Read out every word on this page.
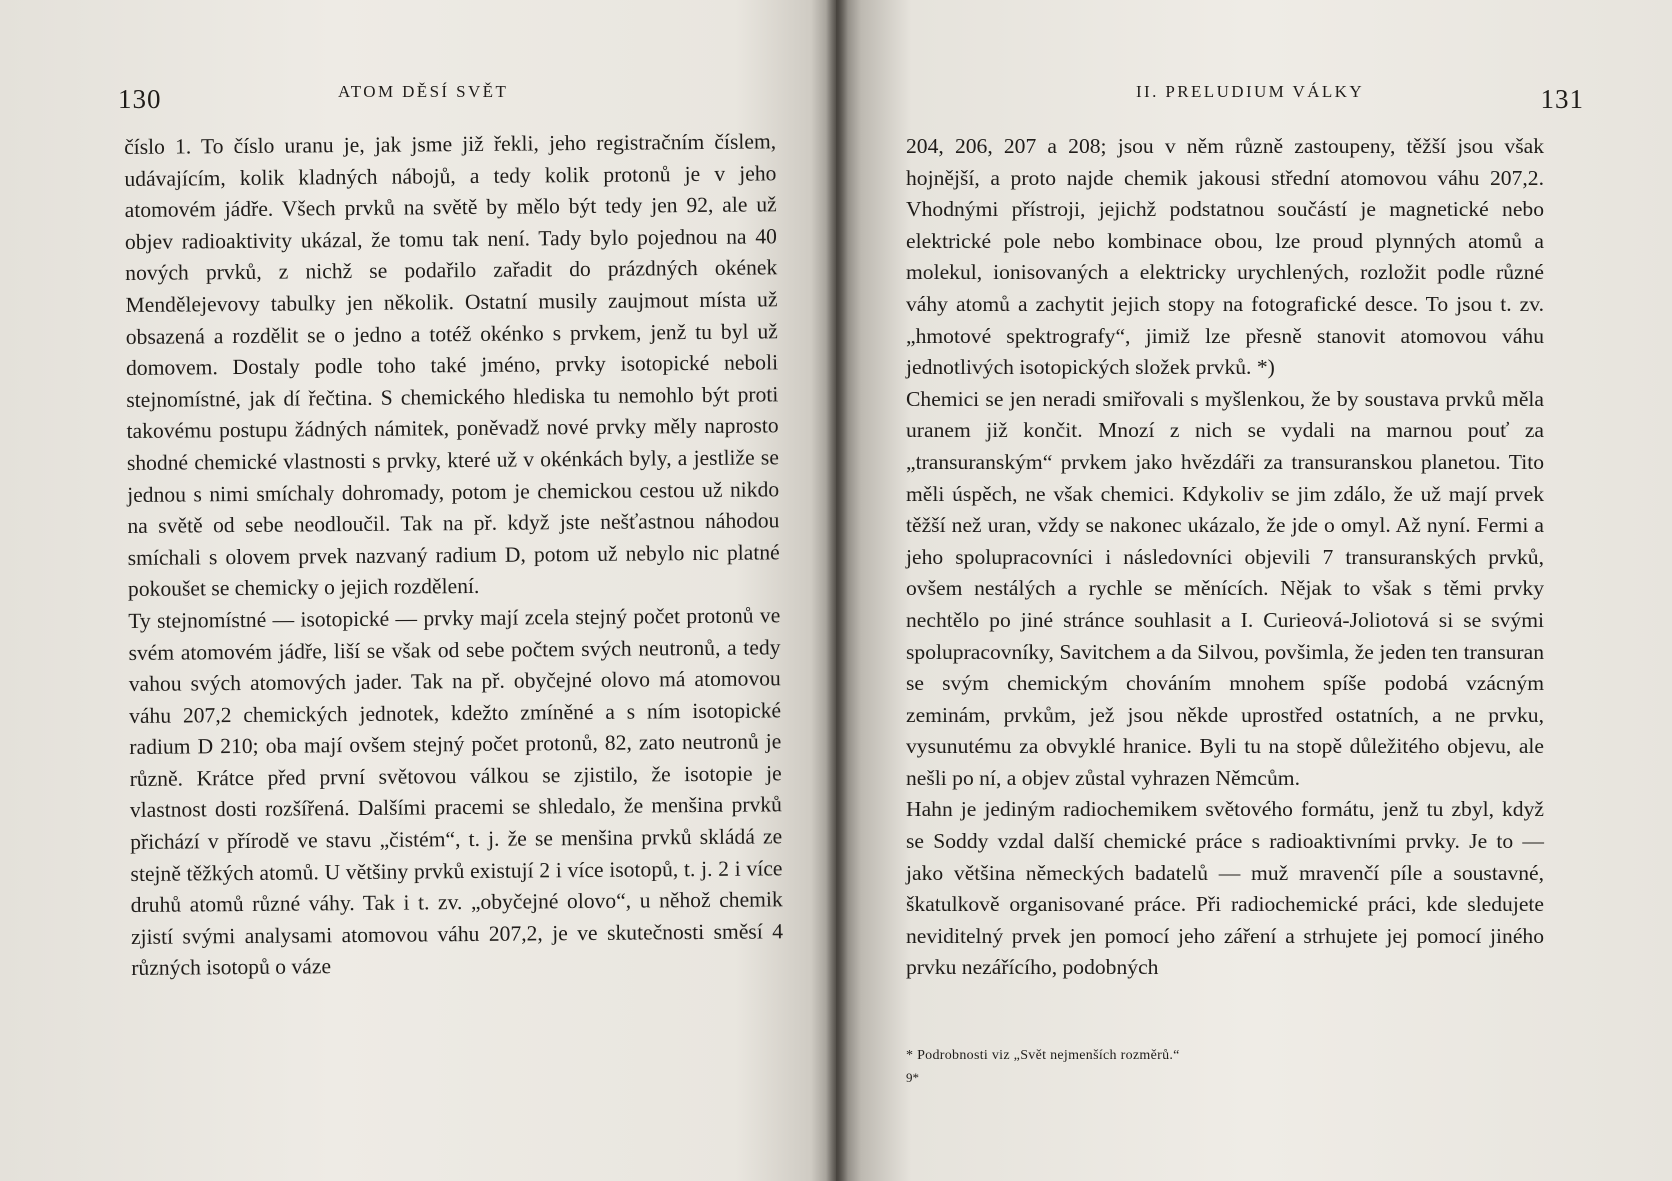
130	ATOM DĚSÍ SVĚT

číslo 1. To číslo uranu je, jak jsme již řekli, jeho registračním číslem, udávajícím, kolik kladných nábojů, a tedy kolik protonů je v jeho atomovém jádře. Všech prvků na světě by mělo být tedy jen 92, ale už objev radioaktivity ukázal, že tomu tak není. Tady bylo pojednou na 40 nových prvků, z nichž se podařilo zařadit do prázdných okének Mendělejevovy tabulky jen několik. Ostatní musily zaujmout místa už obsazená a rozdělit se o jedno a totéž okénko s prvkem, jenž tu byl už domovem. Dostaly podle toho také jméno, prvky isotopické neboli stejnomístné, jak dí řečtina. S chemického hlediska tu nemohlo být proti takovému postupu žádných námitek, poněvadž nové prvky měly naprosto shodné chemické vlastnosti s prvky, které už v okénkách byly, a jestliže se jednou s nimi smíchaly dohromady, potom je chemickou cestou už nikdo na světě od sebe neodloučil. Tak na př. když jste nešťastnou náhodou smíchali s olovem prvek nazvaný radium D, potom už nebylo nic platné pokoušet se chemicky o jejich rozdělení.

Ty stejnomístné — isotopické — prvky mají zcela stejný počet protonů ve svém atomovém jádře, liší se však od sebe počtem svých neutronů, a tedy vahou svých atomových jader. Tak na př. obyčejné olovo má atomovou váhu 207,2 chemických jednotek, kdežto zmíněné a s ním isotopické radium D 210; oba mají ovšem stejný počet protonů, 82, zato neutronů je různě. Krátce před první světovou válkou se zjistilo, že isotopie je vlastnost dosti rozšířená. Dalšími pracemi se shledalo, že menšina prvků přichází v přírodě ve stavu „čistém“, t. j. že se menšina prvků skládá ze stejně těžkých atomů. U většiny prvků existují 2 i více isotopů, t. j. 2 i více druhů atomů různé váhy. Tak i t. zv. „obyčejné olovo“, u něhož chemik zjistí svými analysami atomovou váhu 207,2, je ve skutečnosti směsí 4 různých isotopů o váze

II. PRELUDIUM VÁLKY	131

204, 206, 207 a 208; jsou v něm různě zastoupeny, těžší jsou však hojnější, a proto najde chemik jakousi střední atomovou váhu 207,2. Vhodnými přístroji, jejichž podstatnou součástí je magnetické nebo elektrické pole nebo kombinace obou, lze proud plynných atomů a molekul, ionisovaných a elektricky urychlených, rozložit podle různé váhy atomů a zachytit jejich stopy na fotografické desce. To jsou t. zv. „hmotové spektrografy“, jimiž lze přesně stanovit atomovou váhu jednotlivých isotopických složek prvků. *)

Chemici se jen neradi smiřovali s myšlenkou, že by soustava prvků měla uranem již končit. Mnozí z nich se vydali na marnou pouť za „transuranským“ prvkem jako hvězdáři za transuranskou planetou. Tito měli úspěch, ne však chemici. Kdykoliv se jim zdálo, že už mají prvek těžší než uran, vždy se nakonec ukázalo, že jde o omyl. Až nyní. Fermi a jeho spolupracovníci i následovníci objevili 7 transuranských prvků, ovšem nestálých a rychle se měnících. Nějak to však s těmi prvky nechtělo po jiné stránce souhlasit a I. Curieová-Joliotová si se svými spolupracovníky, Savitchem a da Silvou, povšimla, že jeden ten transuran se svým chemickým chováním mnohem spíše podobá vzácným zeminám, prvkům, jež jsou někde uprostřed ostatních, a ne prvku, vysunutému za obvyklé hranice. Byli tu na stopě důležitého objevu, ale nešli po ní, a objev zůstal vyhrazen Němcům.

Hahn je jediným radiochemikem světového formátu, jenž tu zbyl, když se Soddy vzdal další chemické práce s radioaktivními prvky. Je to — jako většina německých badatelů — muž mravenčí píle a soustavné, škatulkově organisované práce. Při radiochemické práci, kde sledujete neviditelný prvek jen pomocí jeho záření a strhujete jej pomocí jiného prvku nezářícího, podobných

* Podrobnosti viz „Svět nejmenších rozměrů.“
9*
